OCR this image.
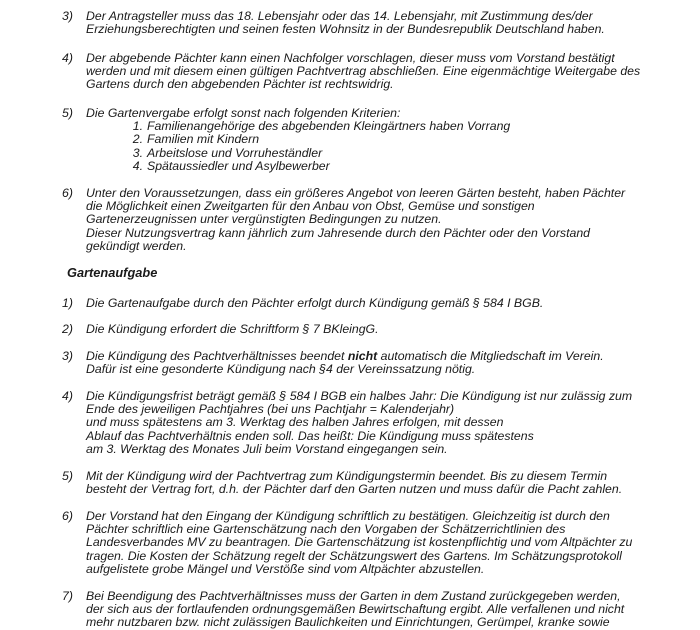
3)	Der Antragsteller muss das 18. Lebensjahr oder das 14. Lebensjahr, mit Zustimmung des/der
Erziehungsberechtigten und seinen festen Wohnsitz in der Bundesrepublik Deutschland haben.
4)	Der abgebende Pächter kann einen Nachfolger vorschlagen, dieser muss vom Vorstand bestätigt
werden und mit diesem einen gültigen Pachtvertrag abschließen. Eine eigenmächtige Weitergabe des
Gartens durch den abgebenden Pächter ist rechtswidrig.
5)	Die Gartenvergabe erfolgt sonst nach folgenden Kriterien:
1. Familienangehörige des abgebenden Kleingärtners haben Vorrang
2. Familien mit Kindern
3. Arbeitslose und Vorruheständler
4. Spätaussiedler und Asylbewerber
6)	Unter den Voraussetzungen, dass ein größeres Angebot von leeren Gärten besteht, haben Pächter
die Möglichkeit einen Zweitgarten für den Anbau von Obst, Gemüse und sonstigen
Gartenerzeugnissen unter vergünstigten Bedingungen zu nutzen.
Dieser Nutzungsvertrag kann jährlich zum Jahresende durch den Pächter oder den Vorstand
gekündigt werden.
Gartenaufgabe
1)	Die Gartenaufgabe durch den Pächter erfolgt durch Kündigung gemäß § 584 I BGB.
2)	Die Kündigung erfordert die Schriftform § 7 BKleingG.
3)	Die Kündigung des Pachtverhältnisses beendet nicht automatisch die Mitgliedschaft im Verein.
Dafür ist eine gesonderte Kündigung nach §4 der Vereinssatzung nötig.
4)	Die Kündigungsfrist beträgt gemäß § 584 I BGB ein halbes Jahr: Die Kündigung ist nur zulässig zum
Ende des jeweiligen Pachtjahres (bei uns Pachtjahr = Kalenderjahr)
und muss spätestens am 3. Werktag des halben Jahres erfolgen, mit dessen
Ablauf das Pachtverhältnis enden soll. Das heißt: Die Kündigung muss spätestens
am 3. Werktag des Monates Juli beim Vorstand eingegangen sein.
5)	Mit der Kündigung wird der Pachtvertrag zum Kündigungstermin beendet. Bis zu diesem Termin
besteht der Vertrag fort, d.h. der Pächter darf den Garten nutzen und muss dafür die Pacht zahlen.
6)	Der Vorstand hat den Eingang der Kündigung schriftlich zu bestätigen. Gleichzeitig ist durch den
Pächter schriftlich eine Gartenschätzung nach den Vorgaben der Schätzerrichtlinien des
Landesverbandes MV zu beantragen. Die Gartenschätzung ist kostenpflichtig und vom Altpächter zu
tragen. Die Kosten der Schätzung regelt der Schätzungswert des Gartens. Im Schätzungsprotokoll
aufgelistete grobe Mängel und Verstöße sind vom Altpächter abzustellen.
7)	Bei Beendigung des Pachtverhältnisses muss der Garten in dem Zustand zurückgegeben werden,
der sich aus der fortlaufenden ordnungsgemäßen Bewirtschaftung ergibt. Alle verfallenen und nicht
mehr nutzbaren bzw. nicht zulässigen Baulichkeiten und Einrichtungen, Gerümpel, kranke sowie
